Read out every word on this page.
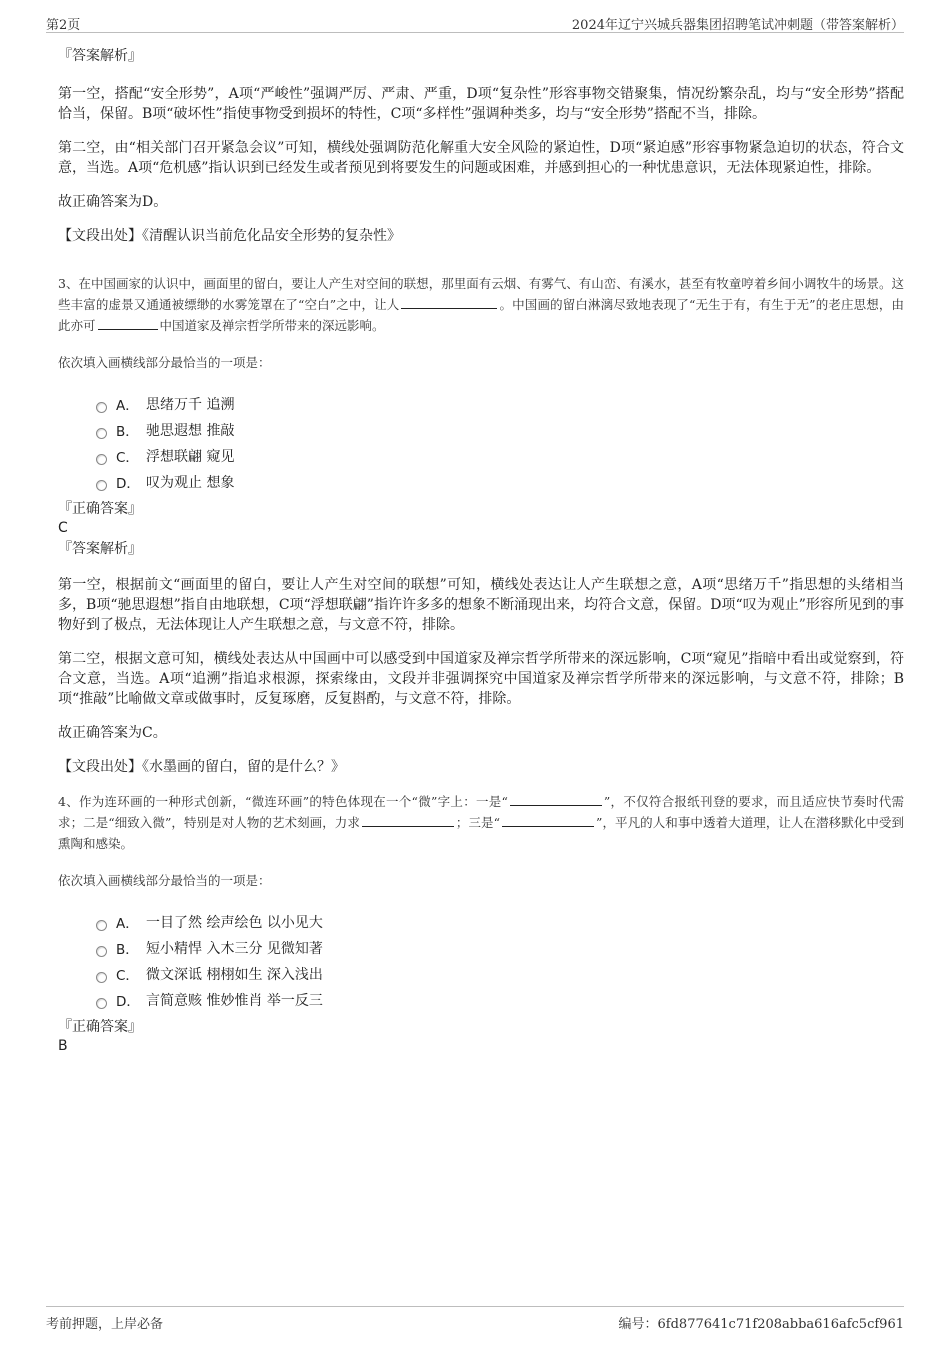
第2页	2024年辽宁兴城兵器集团招聘笔试冲刺题（带答案解析）
『答案解析』
第一空，搭配“安全形势”，A项“严峻性”强调严厉、严肃、严重，D项“复杂性”形容事物交错聚集，情况纷繁杂乱，均与“安全形势”搭配恰当，保留。B项“破坏性”指使事物受到损坏的特性，C项“多样性”强调种类多，均与“安全形势”搭配不当，排除。
第二空，由“相关部门召开紧急会议”可知，横线处强调防范化解重大安全风险的紧迫性，D项“紧迫感”形容事物紧急迫切的状态，符合文意，当选。A项“危机感”指认识到已经发生或者预见到将要发生的问题或困难，并感到担心的一种忧患意识，无法体现紧迫性，排除。
故正确答案为D。
【文段出处】《清醒认识当前危化品安全形势的复杂性》
3、在中国画家的认识中，画面里的留白，要让人产生对空间的联想，那里面有云烟、有雾气、有山峦、有溪水，甚至有牧童哼着乡间小调牧牛的场景。这些丰富的虚景又通通被缥缈的水雾笼罩在了“空白”之中，让人	。中国画的留白淋漓尽致地表现了“无生于有，有生于无”的老庄思想，由此亦可	中国道家及禅宗哲学所带来的深远影响。
依次填入画横线部分最恰当的一项是：
A． 思绪万千 追溯
B． 驰思遐想 推敲
C． 浮想联翩 窥见
D． 叹为观止 想象
『正确答案』
C
『答案解析』
第一空，根据前文“画面里的留白，要让人产生对空间的联想”可知，横线处表达让人产生联想之意，A项“思绪万千”指思想的头绪相当多，B项“驰思遐想”指自由地联想，C项“浮想联翩”指许许多多的想象不断涌现出来，均符合文意，保留。D项“叹为观止”形容所见到的事物好到了极点，无法体现让人产生联想之意，与文意不符，排除。
第二空，根据文意可知，横线处表达从中国画中可以感受到中国道家及禅宗哲学所带来的深远影响，C项“窥见”指暗中看出或觉察到，符合文意，当选。A项“追溯”指追求根源，探索缘由，文段并非强调探究中国道家及禅宗哲学所带来的深远影响，与文意不符，排除；B项“推敲”比喻做文章或做事时，反复琢磨，反复斟酌，与文意不符，排除。
故正确答案为C。
【文段出处】《水墨画的留白，留的是什么？》
4、作为连环画的一种形式创新，“微连环画”的特色体现在一个“微”字上：一是“	”，不仅符合报纸刊登的要求，而且适应快节奏时代需求；二是“细致入微”，特别是对人物的艺术刻画，力求	；三是“	”，平凡的人和事中透着大道理，让人在潜移默化中受到熏陶和感染。
依次填入画横线部分最恰当的一项是：
A． 一目了然 绘声绘色 以小见大
B． 短小精悍 入木三分 见微知著
C． 微文深诋 栩栩如生 深入浅出
D． 言简意赅 惟妙惟肖 举一反三
『正确答案』
B
考前押题，上岸必备	编号：6fd877641c71f208abba616afc5cf961
